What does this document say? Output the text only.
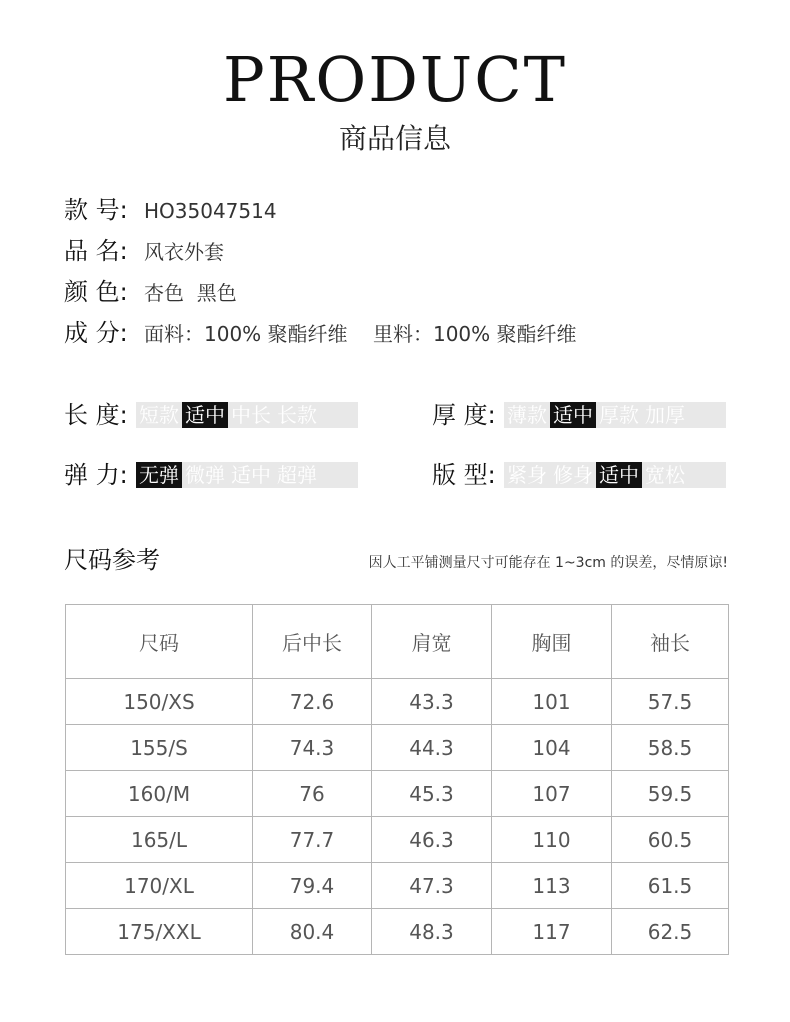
PRODUCT
商品信息
款 号: HO35047514
品 名: 风衣外套
颜 色: 杏色  黑色
成 分: 面料：100% 聚酯纤维    里料：100% 聚酯纤维
长 度: 短款 适中 中长 长款	厚 度: 薄款 适中 厚款 加厚
弹 力: 无弹 微弹 适中 超弹	版 型: 紧身 修身 适中 宽松
尺码参考	因人工平铺测量尺寸可能存在 1~3cm 的误差，尽情原谅!
尺码	后中长	肩宽	胸围	袖长
150/XS	72.6	43.3	101	57.5
155/S	74.3	44.3	104	58.5
160/M	76	45.3	107	59.5
165/L	77.7	46.3	110	60.5
170/XL	79.4	47.3	113	61.5
175/XXL	80.4	48.3	117	62.5
